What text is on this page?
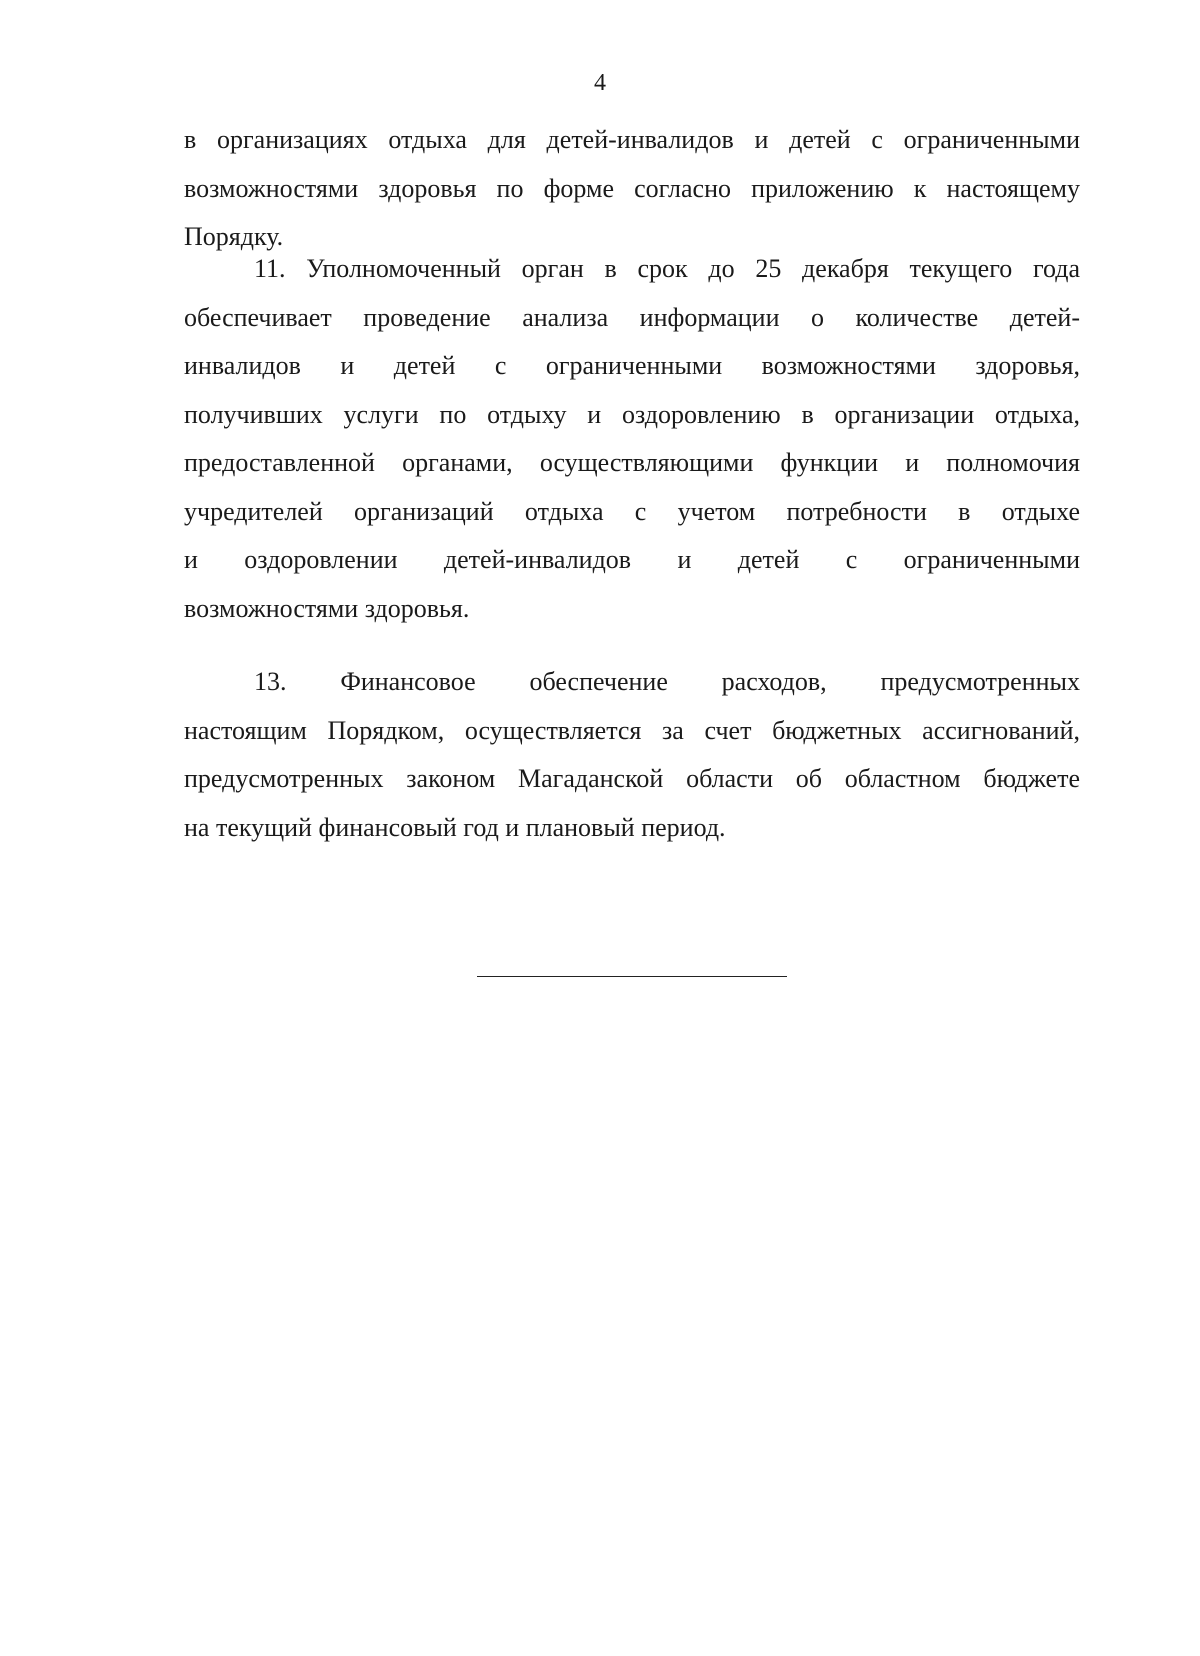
4
в организациях отдыха для детей-инвалидов и детей с ограниченными
возможностями здоровья по форме согласно приложению к настоящему
Порядку.
11. Уполномоченный орган в срок до 25 декабря текущего года
обеспечивает проведение анализа информации о количестве детей-
инвалидов и детей с ограниченными возможностями здоровья,
получивших услуги по отдыху и оздоровлению в организации отдыха,
предоставленной органами, осуществляющими функции и полномочия
учредителей организаций отдыха с учетом потребности в отдыхе
и оздоровлении детей-инвалидов и детей с ограниченными
возможностями здоровья.
13. Финансовое обеспечение расходов, предусмотренных
настоящим Порядком, осуществляется за счет бюджетных ассигнований,
предусмотренных законом Магаданской области об областном бюджете
на текущий финансовый год и плановый период.
